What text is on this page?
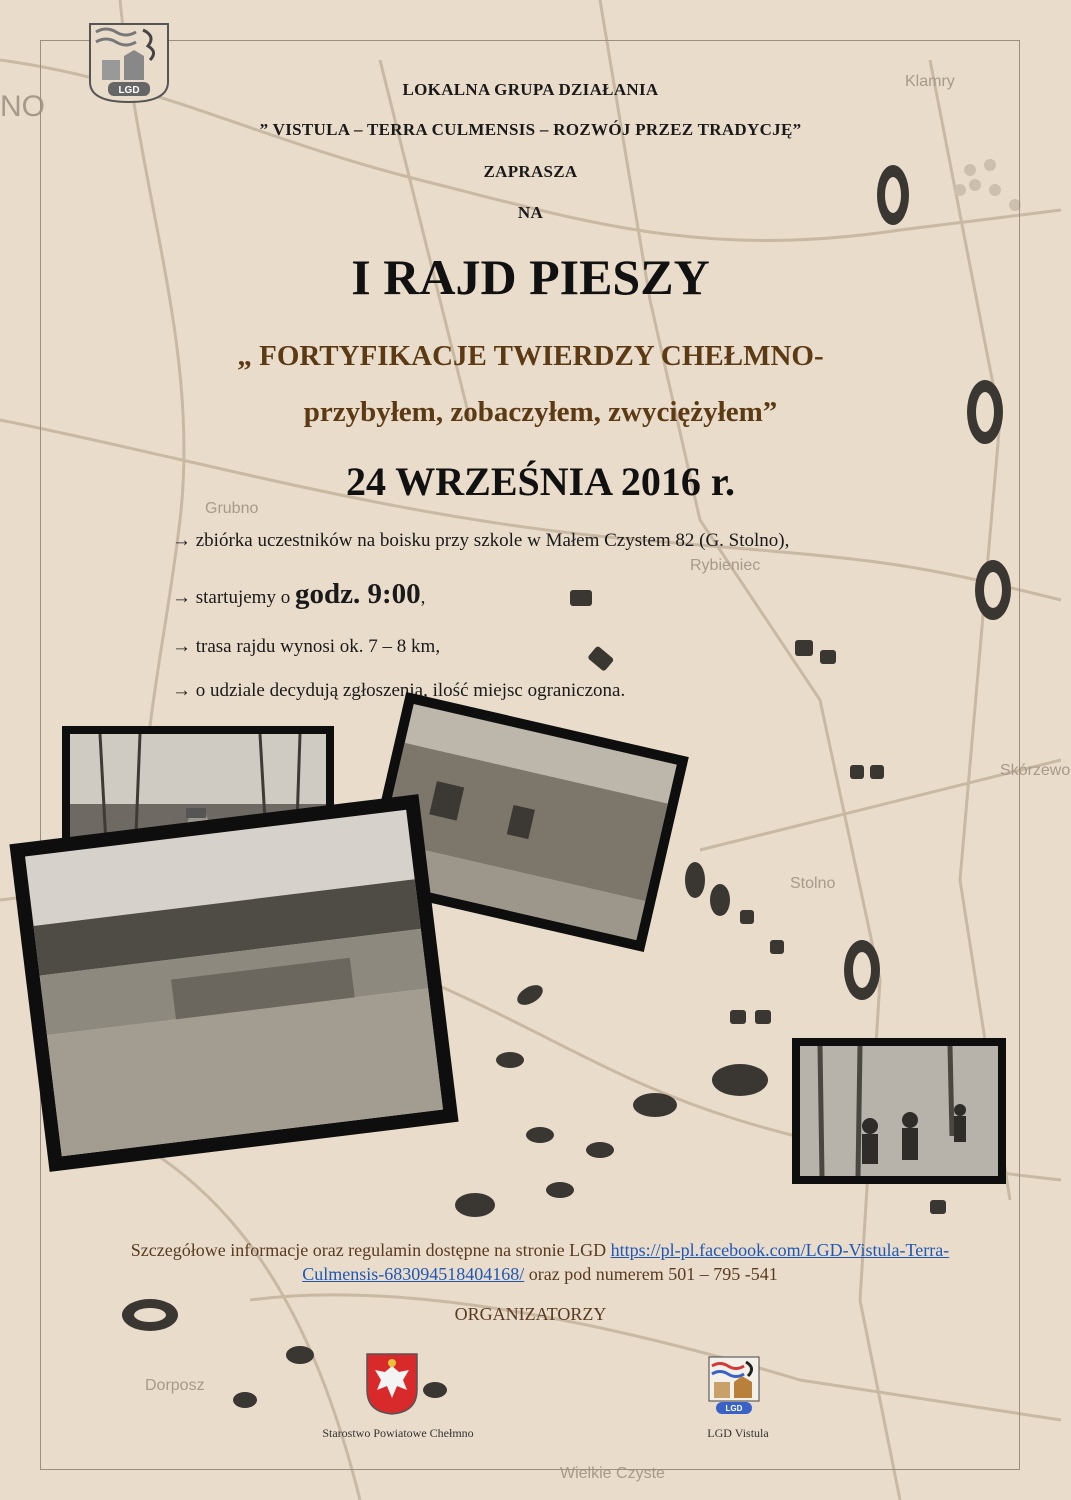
Klamry
Grubno
Rybieniec
Stolno
Skórzewo
Dorposz
Wielkie Czyste
NO	LGD	LOKALNA GRUPA DZIAŁANIA
” VISTULA – TERRA CULMENSIS – ROZWÓJ PRZEZ TRADYCJĘ”
ZAPRASZA
NA
I RAJD PIESZY
„ FORTYFIKACJE TWIERDZY CHEŁMNO-
przybyłem, zobaczyłem, zwyciężyłem”
24 WRZEŚNIA 2016 r.
→ zbiórka uczestników na boisku przy szkole w Małem Czystem 82 (G. Stolno),
→ startujemy o godz. 9:00,
→ trasa rajdu wynosi ok. 7 – 8 km,
→ o udziale decydują zgłoszenia, ilość miejsc ograniczona.
Szczegółowe informacje oraz regulamin dostępne na stronie LGD https://pl-pl.facebook.com/LGD-Vistula-Terra-
Culmensis-683094518404168/ oraz pod numerem 501 – 795 -541
ORGANIZATORZY
Starostwo Powiatowe Chełmno
LGD
LGD Vistula
